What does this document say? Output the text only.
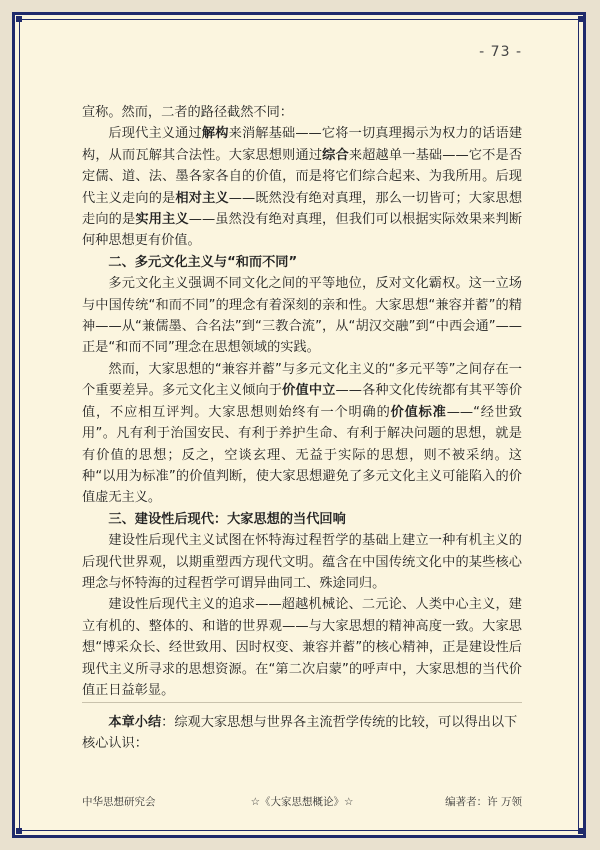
- 73 -

宣称。然而，二者的路径截然不同：

后现代主义通过解构来消解基础——它将一切真理揭示为权力的话语建构，从而瓦解其合法性。大家思想则通过综合来超越单一基础——它不是否定儒、道、法、墨各家各自的价值，而是将它们综合起来、为我所用。后现代主义走向的是相对主义——既然没有绝对真理，那么一切皆可；大家思想走向的是实用主义——虽然没有绝对真理，但我们可以根据实际效果来判断何种思想更有价值。

二、多元文化主义与“和而不同”

多元文化主义强调不同文化之间的平等地位，反对文化霸权。这一立场与中国传统“和而不同”的理念有着深刻的亲和性。大家思想“兼容并蓄”的精神——从“兼儒墨、合名法”到“三教合流”，从“胡汉交融”到“中西会通”——正是“和而不同”理念在思想领域的实践。

然而，大家思想的“兼容并蓄”与多元文化主义的“多元平等”之间存在一个重要差异。多元文化主义倾向于价值中立——各种文化传统都有其平等价值，不应相互评判。大家思想则始终有一个明确的价值标准——“经世致用”。凡有利于治国安民、有利于养护生命、有利于解决问题的思想，就是有价值的思想；反之，空谈玄理、无益于实际的思想，则不被采纳。这种“以用为标准”的价值判断，使大家思想避免了多元文化主义可能陷入的价值虚无主义。

三、建设性后现代：大家思想的当代回响

建设性后现代主义试图在怀特海过程哲学的基础上建立一种有机主义的后现代世界观，以期重塑西方现代文明。蕴含在中国传统文化中的某些核心理念与怀特海的过程哲学可谓异曲同工、殊途同归。

建设性后现代主义的追求——超越机械论、二元论、人类中心主义，建立有机的、整体的、和谐的世界观——与大家思想的精神高度一致。大家思想“博采众长、经世致用、因时权变、兼容并蓄”的核心精神，正是建设性后现代主义所寻求的思想资源。在“第二次启蒙”的呼声中，大家思想的当代价值正日益彰显。

本章小结：综观大家思想与世界各主流哲学传统的比较，可以得出以下核心认识：
中华思想研究会	☆《大家思想概论》☆	编著者：许 万领
